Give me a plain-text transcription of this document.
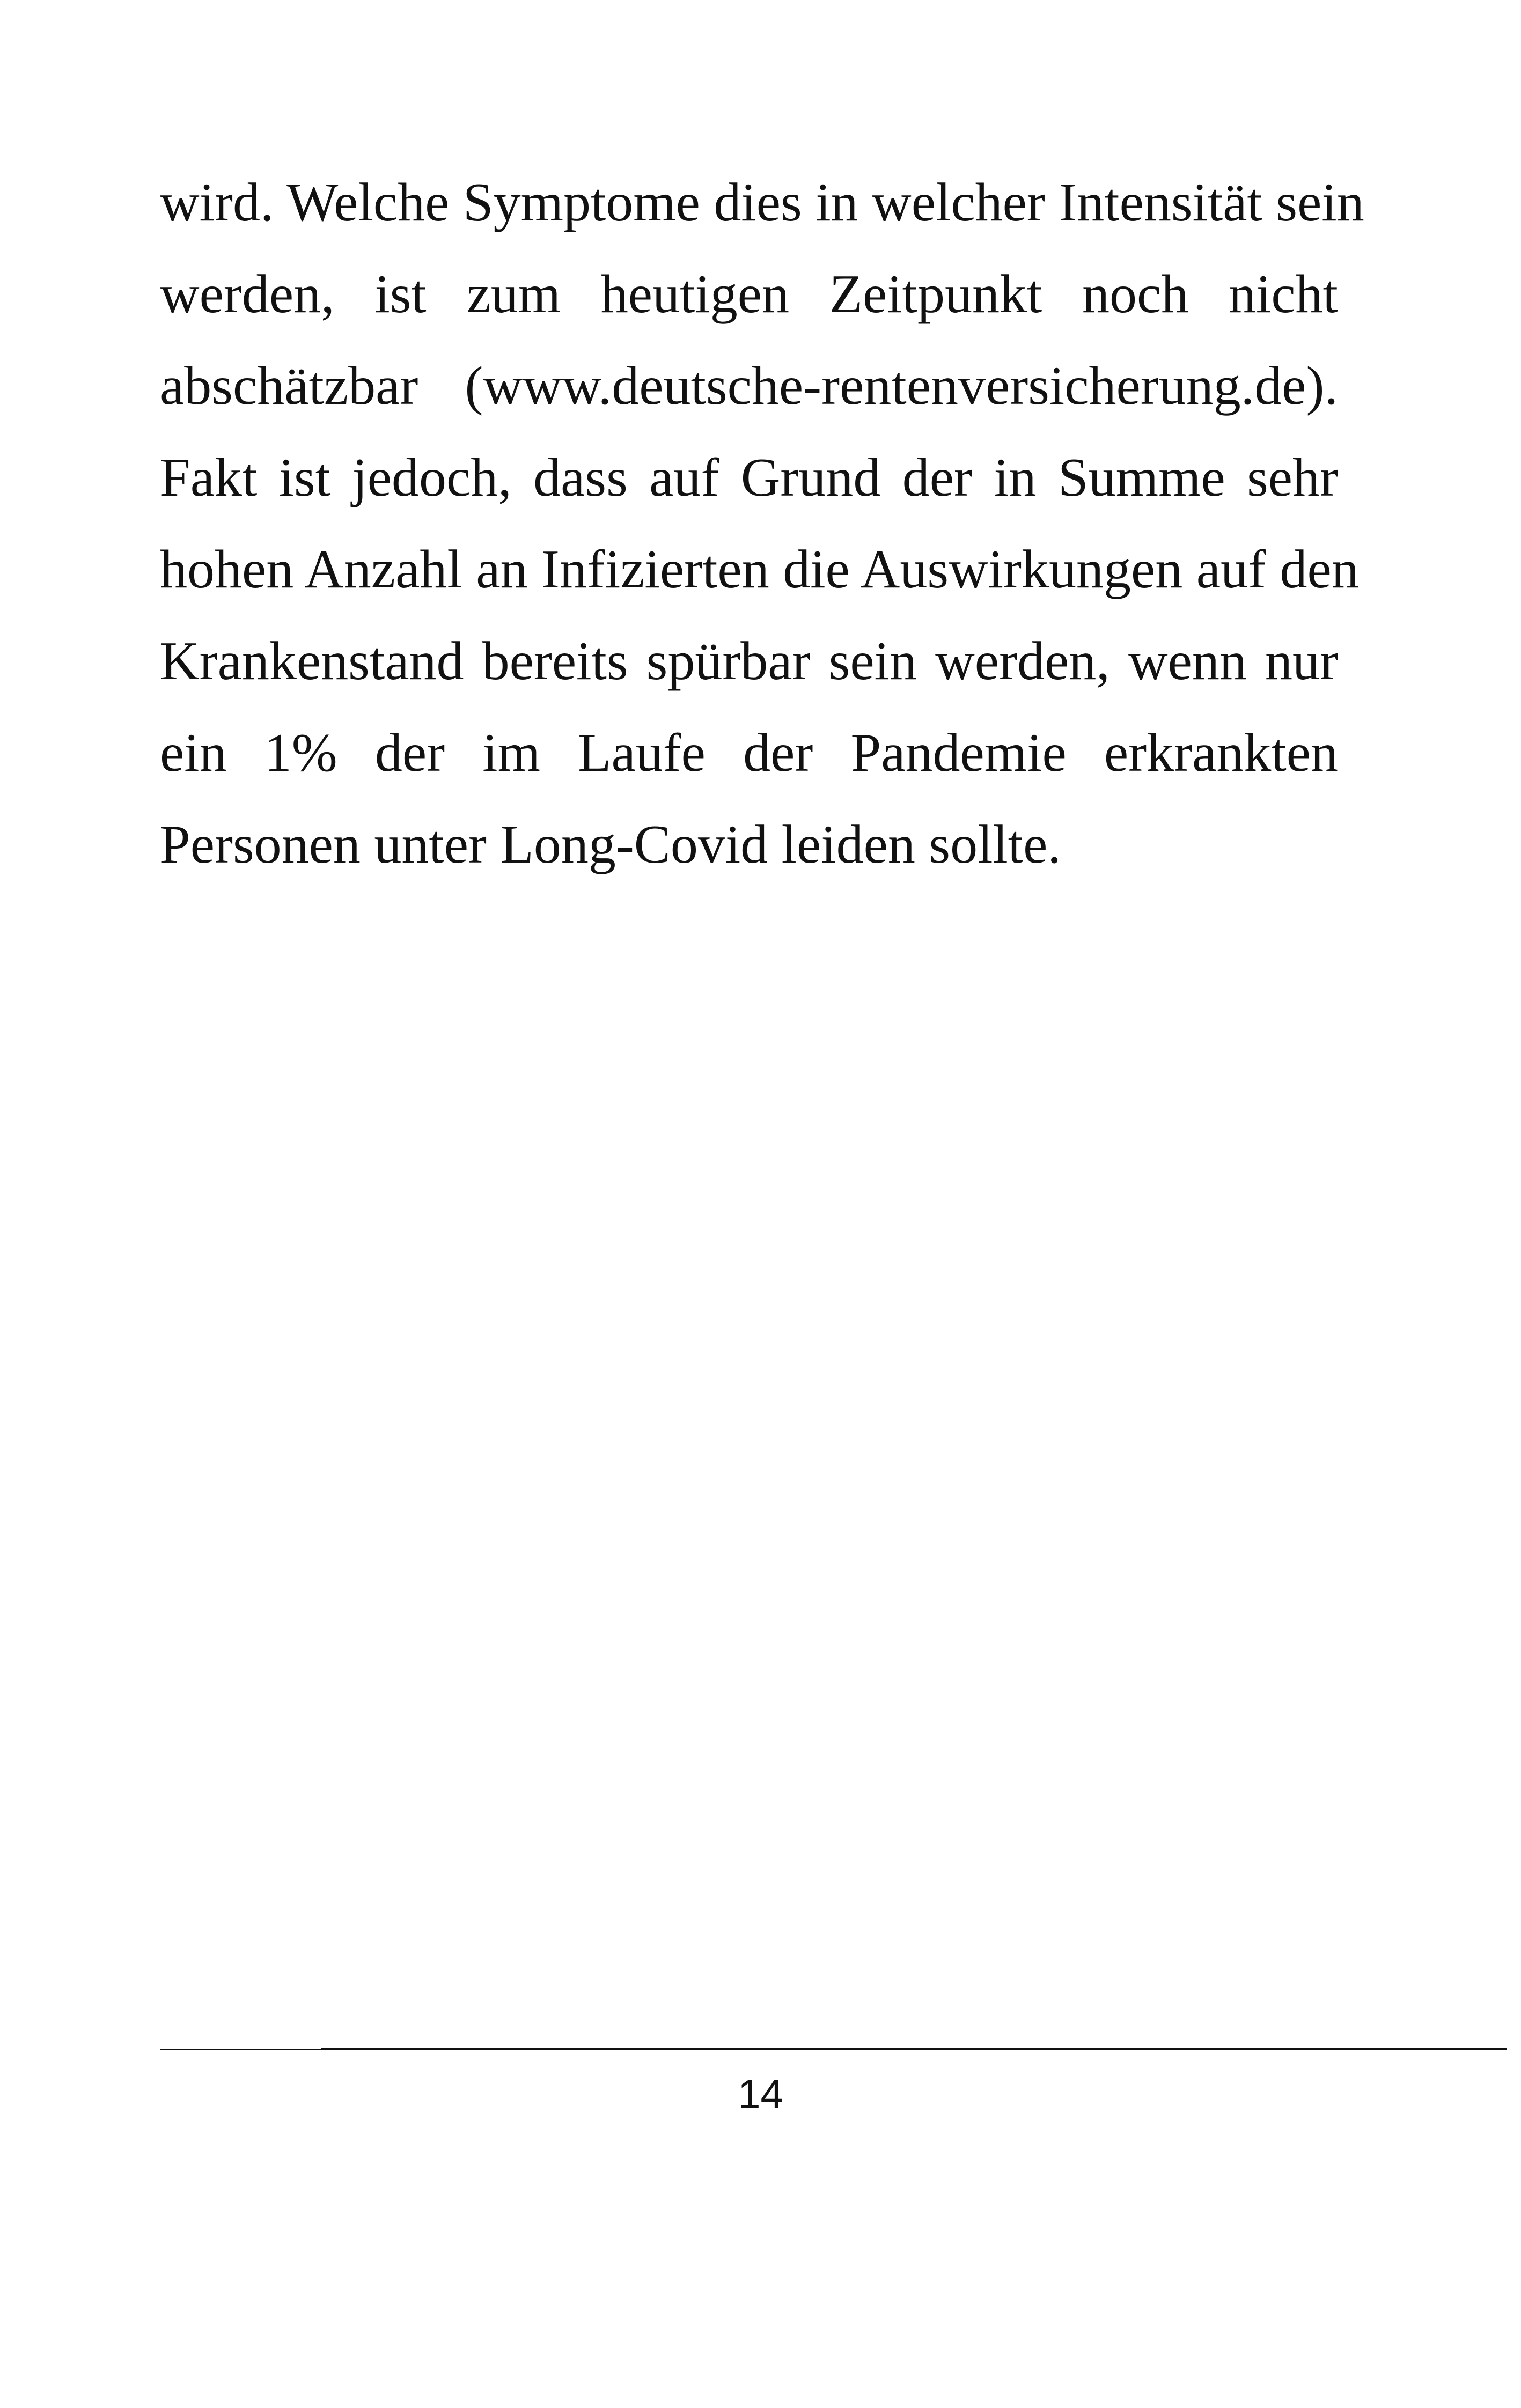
wird. Welche Symptome dies in welcher Intensität sein
werden, ist zum heutigen Zeitpunkt noch nicht
abschätzbar (www.deutsche-rentenversicherung.de).
Fakt ist jedoch, dass auf Grund der in Summe sehr
hohen Anzahl an Infizierten die Auswirkungen auf den
Krankenstand bereits spürbar sein werden, wenn nur
ein 1% der im Laufe der Pandemie erkrankten
Personen unter Long-Covid leiden sollte.
14
